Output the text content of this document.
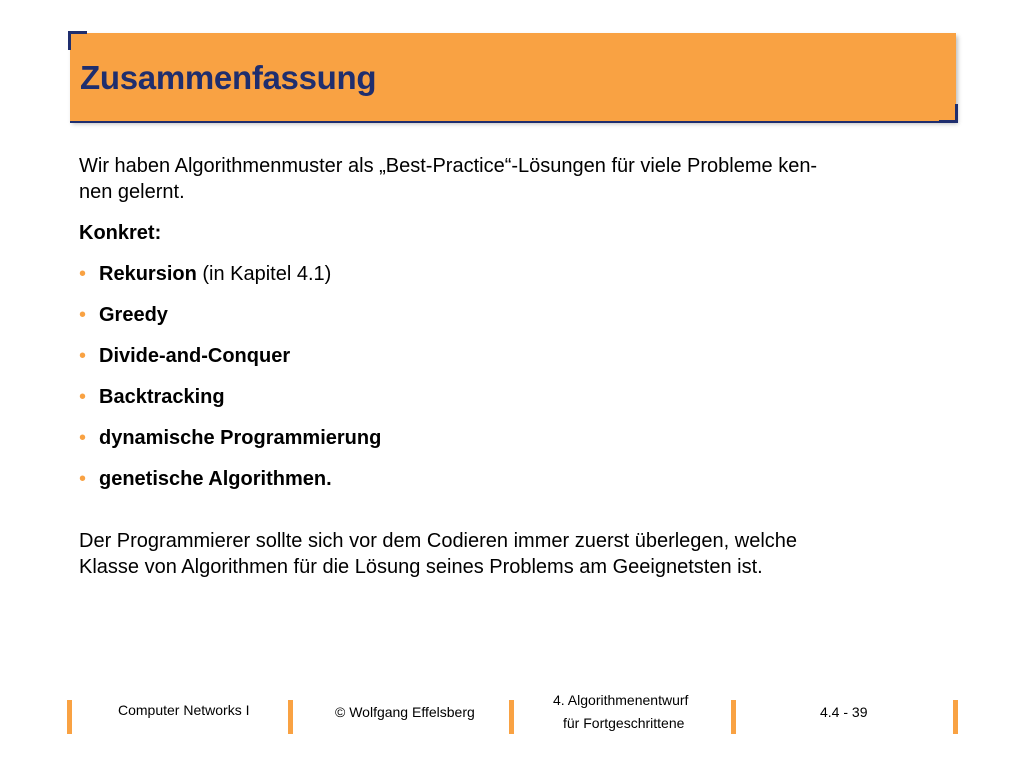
Zusammenfassung

Wir haben Algorithmenmuster als „Best-Practice“-Lösungen für viele Probleme ken-
nen gelernt.

Konkret:

• Rekursion (in Kapitel 4.1)
• Greedy
• Divide-and-Conquer
• Backtracking
• dynamische Programmierung
• genetische Algorithmen.

Der Programmierer sollte sich vor dem Codieren immer zuerst überlegen, welche
Klasse von Algorithmen für die Lösung seines Problems am Geeignetsten ist.

Computer Networks I	© Wolfgang Effelsberg
4. Algorithmenentwurf
für Fortgeschrittene
4.4 - 39
